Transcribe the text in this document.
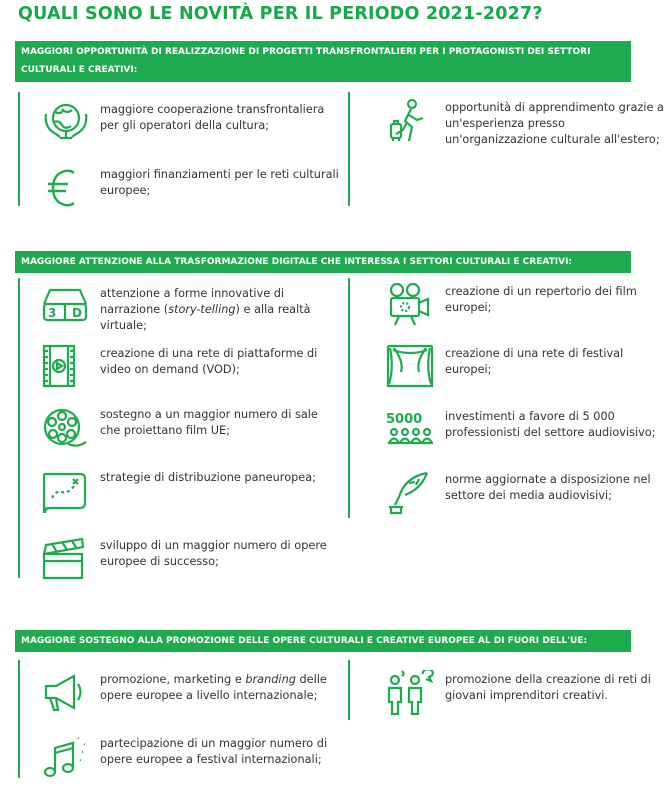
QUALI SONO LE NOVITÀ PER IL PERIODO 2021-2027?
MAGGIORI OPPORTUNITÀ DI REALIZZAZIONE DI PROGETTI TRANSFRONTALIERI PER I PROTAGONISTI DEI SETTORI CULTURALI E CREATIVI:
maggiore cooperazione transfrontaliera per gli operatori della cultura;
maggiori finanziamenti per le reti culturali europee;
opportunità di apprendimento grazie a un'esperienza presso un'organizzazione culturale all'estero;
MAGGIORE ATTENZIONE ALLA TRASFORMAZIONE DIGITALE CHE INTERESSA I SETTORI CULTURALI E CREATIVI:
3 D
attenzione a forme innovative di narrazione (story-telling) e alla realtà virtuale;
creazione di una rete di piattaforme di video on demand (VOD);
sostegno a un maggior numero di sale che proiettano film UE;
strategie di distribuzione paneuropea;
sviluppo di un maggior numero di opere europee di successo;
creazione di un repertorio dei film europei;
creazione di una rete di festival europei;
5000 investimenti a favore di 5 000 professionisti del settore audiovisivo;
norme aggiornate a disposizione nel settore dei media audiovisivi;
MAGGIORE SOSTEGNO ALLA PROMOZIONE DELLE OPERE CULTURALI E CREATIVE EUROPEE AL DI FUORI DELL'UE:
promozione, marketing e branding delle opere europee a livello internazionale;
partecipazione di un maggior numero di opere europee a festival internazionali;
promozione della creazione di reti di giovani imprenditori creativi.
